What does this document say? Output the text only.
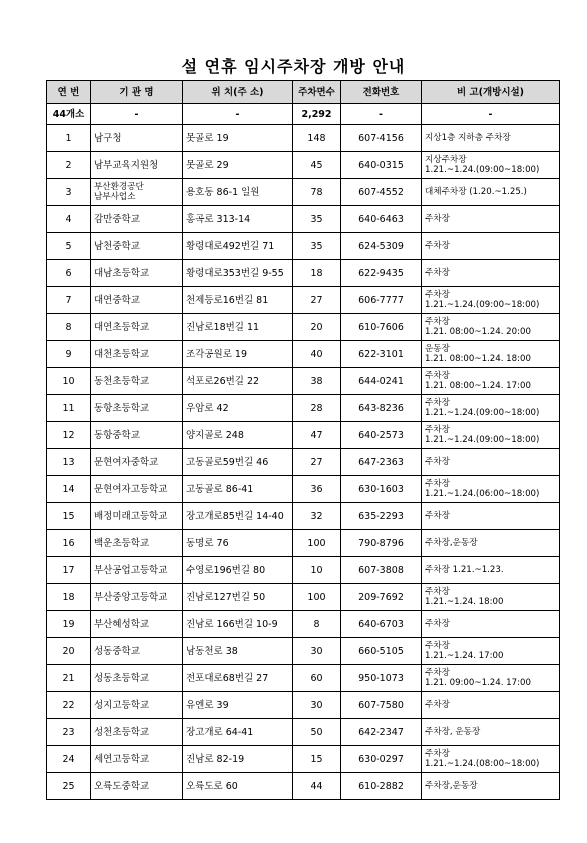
설 연휴 임시주차장 개방 안내
연 번	기 관 명	위 치(주 소)	주차면수	전화번호	비 고(개방시설)
44개소	-	-	2,292	-	-
1	남구청	못골로 19	148	607-4156	지상1층 지하층 주차장

2	남부교육지원청	못골로 29	45	640-0315	지상주차장
1.21.~1.24.(09:00~18:00)

3	부산환경공단
남부사업소	용호동 86-1 일원	78	607-4552	대체주차장 (1.20.~1.25.)

4	감만중학교	홍곡로 313-14	35	640-6463	주차장

5	남천중학교	황령대로492번길 71	35	624-5309	주차장

6	대남초등학교	황령대로353번길 9-55	18	622-9435	주차장

7	대연중학교	천제등로16번길 81	27	606-7777	주차장
1.21.~1.24.(09:00~18:00)

8	대연초등학교	진남로18번길 11	20	610-7606	주차장
1.21. 08:00~1.24. 20:00

9	대천초등학교	조각공원로 19	40	622-3101	운동장
1.21. 08:00~1.24. 18:00

10	동천초등학교	석포로26번길 22	38	644-0241	주차장
1.21. 08:00~1.24. 17:00

11	동항초등학교	우암로 42	28	643-8236	주차장
1.21.~1.24.(09:00~18:00)

12	동항중학교	양지골로 248	47	640-2573	주차장
1.21.~1.24.(09:00~18:00)

13	문현여자중학교	고동골로59번길 46	27	647-2363	주차장

14	문현여자고등학교	고동골로 86-41	36	630-1603	주차장
1.21.~1.24.(06:00~18:00)

15	배정미래고등학교	장고개로85번길 14-40	32	635-2293	주차장

16	백운초등학교	동명로 76	100	790-8796	주차장,운동장

17	부산공업고등학교	수영로196번길 80	10	607-3808	주차장 1.21.~1.23.

18	부산중앙고등학교	진남로127번길 50	100	209-7692	주차장
1.21.~1.24. 18:00

19	부산혜성학교	진남로 166번길 10-9	8	640-6703	주차장

20	성동중학교	남동천로 38	30	660-5105	주차장
1.21.~1.24. 17:00

21	성동초등학교	전포대로68번길 27	60	950-1073	주차장
1.21. 09:00~1.24. 17:00

22	성지고등학교	유엔로 39	30	607-7580	주차장

23	성천초등학교	장고개로 64-41	50	642-2347	주차장, 운동장

24	세연고등학교	진남로 82-19	15	630-0297	주차장
1.21.~1.24.(08:00~18:00)

25	오륙도중학교	오륙도로 60	44	610-2882	주차장,운동장
